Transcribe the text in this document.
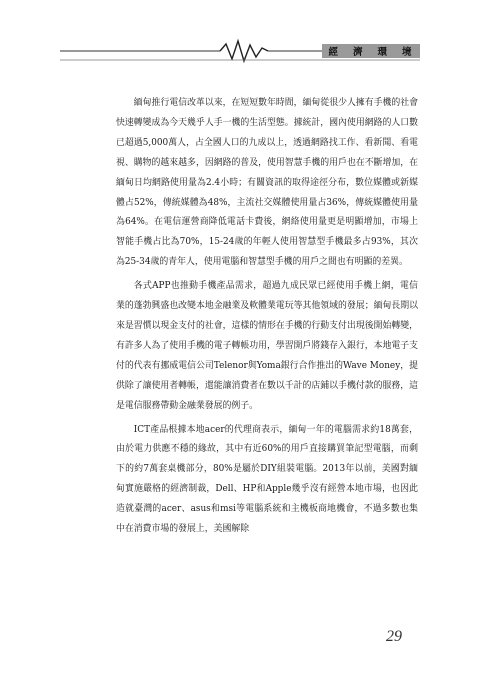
經 濟 環 境

緬甸推行電信改革以來，在短短數年時間，緬甸從很少人擁有手機的社會快速轉變成為今天幾乎人手一機的生活型態。據統計，國內使用網路的人口數已超過5,000萬人，占全國人口的九成以上，透過網路找工作、看新聞、看電視、購物的越來越多，因網路的普及，使用智慧手機的用戶也在不斷增加，在緬甸日均網路使用量為2.4小時；有關資訊的取得途徑分布，數位媒體或新媒體占52%，傳統媒體為48%，主流社交媒體使用量占36%，傳統媒體使用量為64%。在電信運營商降低電話卡費後，網絡使用量更是明顯增加，市場上智能手機占比為70%，15-24歲的年輕人使用智慧型手機最多占93%，其次為25-34歲的青年人，使用電腦和智慧型手機的用戶之間也有明顯的差異。

各式APP也推動手機產品需求，超過九成民眾已經使用手機上網，電信業的蓬勃興盛也改變本地金融業及軟體業電玩等其他領域的發展；緬甸長期以來是習慣以現金支付的社會，這樣的情形在手機的行動支付出現後開始轉變，有許多人為了使用手機的電子轉帳功用，學習開戶將錢存入銀行，本地電子支付的代表有挪威電信公司Telenor與Yoma銀行合作推出的Wave Money，提供除了讓使用者轉帳，還能讓消費者在數以千計的店鋪以手機付款的服務，這是電信服務帶動金融業發展的例子。

ICT產品根據本地acer的代理商表示，緬甸一年的電腦需求約18萬套，由於電力供應不穩的緣故，其中有近60%的用戶直接購買筆記型電腦，而剩下的約7萬套桌機部分，80%是屬於DIY組裝電腦。2013年以前，美國對緬甸實施嚴格的經濟制裁，Dell、HP和Apple幾乎沒有經營本地市場，也因此造就臺灣的acer、asus和msi等電腦系統和主機板商地機會，不過多數也集中在消費市場的發展上，美國解除

29
